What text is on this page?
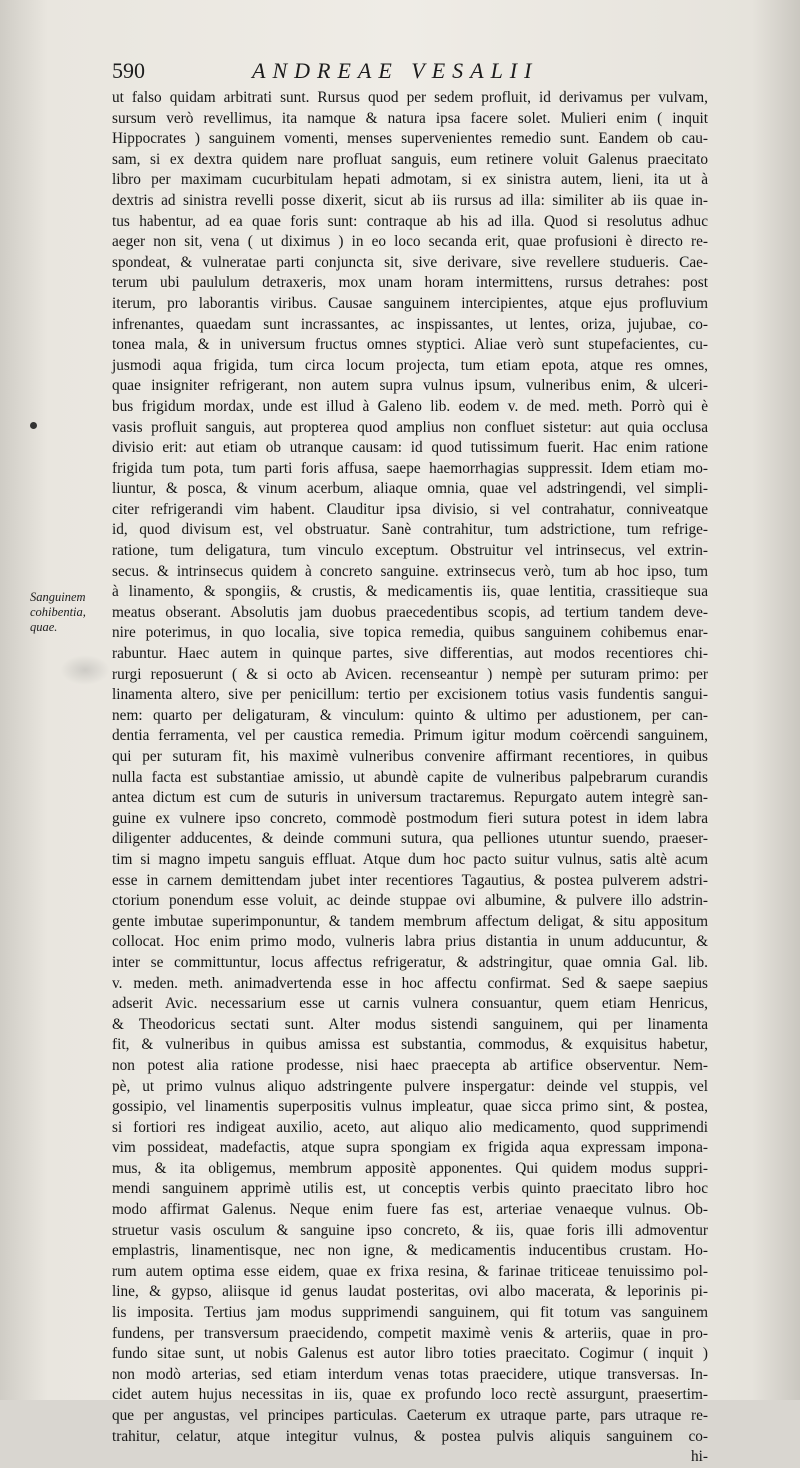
590	ANDREAE VESALII
Sanguinem
cohibentia,
quae.
ut falso quidam arbitrati sunt. Rursus quod per sedem profluit, id derivamus per vulvam,
sursum verò revellimus, ita namque & natura ipsa facere solet. Mulieri enim ( inquit
Hippocrates ) sanguinem vomenti, menses supervenientes remedio sunt. Eandem ob cau-
sam, si ex dextra quidem nare profluat sanguis, eum retinere voluit Galenus praecitato
libro per maximam cucurbitulam hepati admotam, si ex sinistra autem, lieni, ita ut à
dextris ad sinistra revelli posse dixerit, sicut ab iis rursus ad illa: similiter ab iis quae in-
tus habentur, ad ea quae foris sunt: contraque ab his ad illa. Quod si resolutus adhuc
aeger non sit, vena ( ut diximus ) in eo loco secanda erit, quae profusioni è directo re-
spondeat, & vulneratae parti conjuncta sit, sive derivare, sive revellere studueris. Cae-
terum ubi paululum detraxeris, mox unam horam intermittens, rursus detrahes: post
iterum, pro laborantis viribus. Causae sanguinem intercipientes, atque ejus profluvium
infrenantes, quaedam sunt incrassantes, ac inspissantes, ut lentes, oriza, jujubae, co-
tonea mala, & in universum fructus omnes styptici. Aliae verò sunt stupefacientes, cu-
jusmodi aqua frigida, tum circa locum projecta, tum etiam epota, atque res omnes,
quae insigniter refrigerant, non autem supra vulnus ipsum, vulneribus enim, & ulceri-
bus frigidum mordax, unde est illud à Galeno lib. eodem v. de med. meth. Porrò qui è
vasis profluit sanguis, aut propterea quod amplius non confluet sistetur: aut quia occlusa
divisio erit: aut etiam ob utranque causam: id quod tutissimum fuerit. Hac enim ratione
frigida tum pota, tum parti foris affusa, saepe haemorrhagias suppressit. Idem etiam mo-
liuntur, & posca, & vinum acerbum, aliaque omnia, quae vel adstringendi, vel simpli-
citer refrigerandi vim habent. Clauditur ipsa divisio, si vel contrahatur, conniveatque
id, quod divisum est, vel obstruatur. Sanè contrahitur, tum adstrictione, tum refrige-
ratione, tum deligatura, tum vinculo exceptum. Obstruitur vel intrinsecus, vel extrin-
secus. & intrinsecus quidem à concreto sanguine. extrinsecus verò, tum ab hoc ipso, tum
à linamento, & spongiis, & crustis, & medicamentis iis, quae lentitia, crassitieque sua
meatus obserant. Absolutis jam duobus praecedentibus scopis, ad tertium tandem deve-
nire poterimus, in quo localia, sive topica remedia, quibus sanguinem cohibemus enar-
rabuntur. Haec autem in quinque partes, sive differentias, aut modos recentiores chi-
rurgi reposuerunt ( & si octo ab Avicen. recenseantur ) nempè per suturam primo: per
linamenta altero, sive per penicillum: tertio per excisionem totius vasis fundentis sangui-
nem: quarto per deligaturam, & vinculum: quinto & ultimo per adustionem, per can-
dentia ferramenta, vel per caustica remedia. Primum igitur modum coërcendi sanguinem,
qui per suturam fit, his maximè vulneribus convenire affirmant recentiores, in quibus
nulla facta est substantiae amissio, ut abundè capite de vulneribus palpebrarum curandis
antea dictum est cum de suturis in universum tractaremus. Repurgato autem integrè san-
guine ex vulnere ipso concreto, commodè postmodum fieri sutura potest in idem labra
diligenter adducentes, & deinde communi sutura, qua pelliones utuntur suendo, praeser-
tim si magno impetu sanguis effluat. Atque dum hoc pacto suitur vulnus, satis altè acum
esse in carnem demittendam jubet inter recentiores Tagautius, & postea pulverem adstri-
ctorium ponendum esse voluit, ac deinde stuppae ovi albumine, & pulvere illo adstrin-
gente imbutae superimponuntur, & tandem membrum affectum deligat, & situ appositum
collocat. Hoc enim primo modo, vulneris labra prius distantia in unum adducuntur, &
inter se committuntur, locus affectus refrigeratur, & adstringitur, quae omnia Gal. lib.
v. meden. meth. animadvertenda esse in hoc affectu confirmat. Sed & saepe saepius
adserit Avic. necessarium esse ut carnis vulnera consuantur, quem etiam Henricus,
& Theodoricus sectati sunt. Alter modus sistendi sanguinem, qui per linamenta
fit, & vulneribus in quibus amissa est substantia, commodus, & exquisitus habetur,
non potest alia ratione prodesse, nisi haec praecepta ab artifice observentur. Nem-
pè, ut primo vulnus aliquo adstringente pulvere inspergatur: deinde vel stuppis, vel
gossipio, vel linamentis superpositis vulnus impleatur, quae sicca primo sint, & postea,
si fortiori res indigeat auxilio, aceto, aut aliquo alio medicamento, quod supprimendi
vim possideat, madefactis, atque supra spongiam ex frigida aqua expressam impona-
mus, & ita obligemus, membrum appositè apponentes. Qui quidem modus suppri-
mendi sanguinem apprimè utilis est, ut conceptis verbis quinto praecitato libro hoc
modo affirmat Galenus. Neque enim fuere fas est, arteriae venaeque vulnus. Ob-
struetur vasis osculum & sanguine ipso concreto, & iis, quae foris illi admoventur
emplastris, linamentisque, nec non igne, & medicamentis inducentibus crustam. Ho-
rum autem optima esse eidem, quae ex frixa resina, & farinae triticeae tenuissimo pol-
line, & gypso, aliisque id genus laudat posteritas, ovi albo macerata, & leporinis pi-
lis imposita. Tertius jam modus supprimendi sanguinem, qui fit totum vas sanguinem
fundens, per transversum praecidendo, competit maximè venis & arteriis, quae in pro-
fundo sitae sunt, ut nobis Galenus est autor libro toties praecitato. Cogimur ( inquit )
non modò arterias, sed etiam interdum venas totas praecidere, utique transversas. In-
cidet autem hujus necessitas in iis, quae ex profundo loco rectè assurgunt, praesertim-
que per angustas, vel principes particulas. Caeterum ex utraque parte, pars utraque re-
trahitur, celatur, atque integitur vulnus, & postea pulvis aliquis sanguinem co-
hi-
